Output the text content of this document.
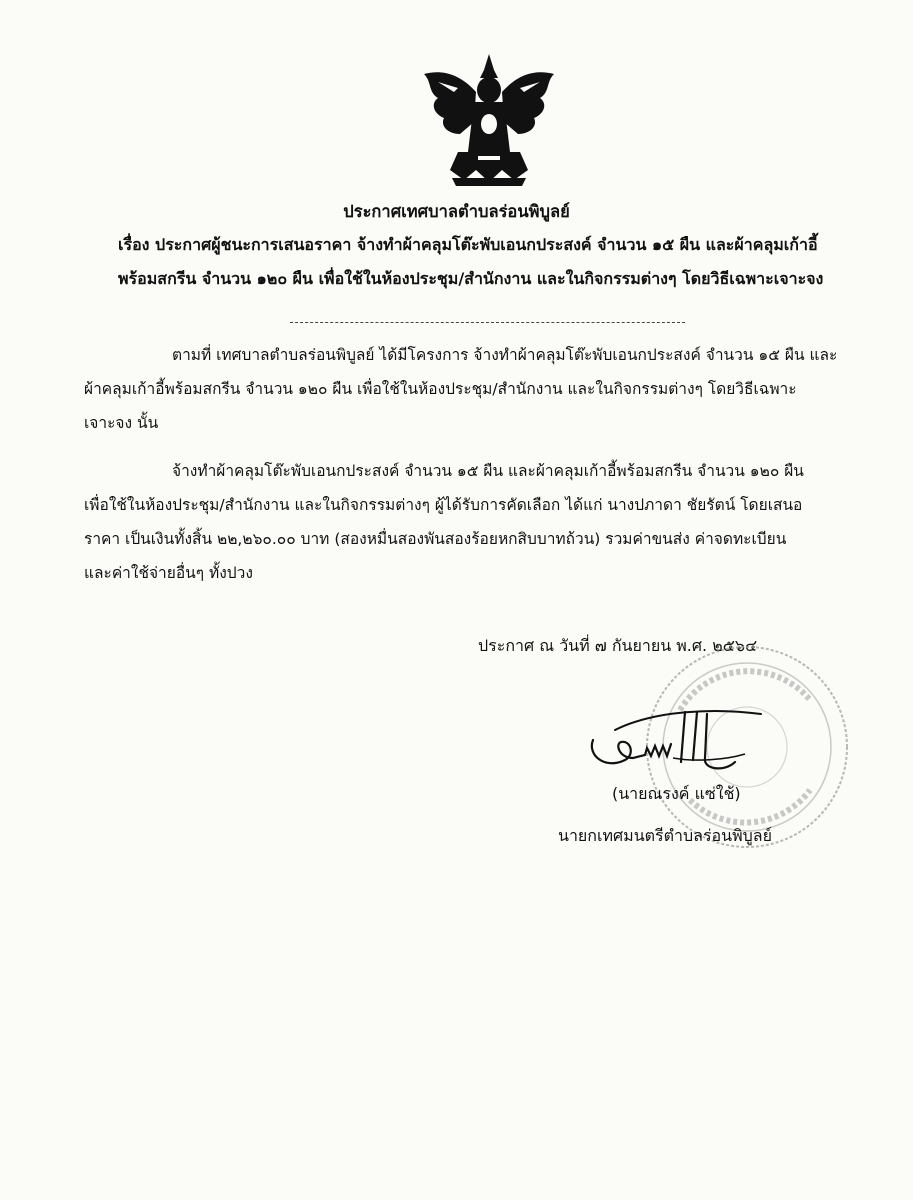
ประกาศเทศบาลตำบลร่อนพิบูลย์
เรื่อง ประกาศผู้ชนะการเสนอราคา จ้างทำผ้าคลุมโต๊ะพับเอนกประสงค์ จำนวน ๑๕ ผืน และผ้าคลุมเก้าอี้
พร้อมสกรีน จำนวน ๑๒๐ ผืน เพื่อใช้ในห้องประชุม/สำนักงาน และในกิจกรรมต่างๆ โดยวิธีเฉพาะเจาะจง
ตามที่ เทศบาลตำบลร่อนพิบูลย์ ได้มีโครงการ จ้างทำผ้าคลุมโต๊ะพับเอนกประสงค์ จำนวน ๑๕ ผืน และ
ผ้าคลุมเก้าอี้พร้อมสกรีน จำนวน ๑๒๐ ผืน เพื่อใช้ในห้องประชุม/สำนักงาน และในกิจกรรมต่างๆ โดยวิธีเฉพาะ
เจาะจง นั้น
จ้างทำผ้าคลุมโต๊ะพับเอนกประสงค์ จำนวน ๑๕ ผืน และผ้าคลุมเก้าอี้พร้อมสกรีน จำนวน ๑๒๐ ผืน
เพื่อใช้ในห้องประชุม/สำนักงาน และในกิจกรรมต่างๆ ผู้ได้รับการคัดเลือก ได้แก่ นางปภาดา ชัยรัตน์ โดยเสนอ
ราคา เป็นเงินทั้งสิ้น ๒๒,๒๖๐.๐๐ บาท (สองหมื่นสองพันสองร้อยหกสิบบาทถ้วน) รวมค่าขนส่ง ค่าจดทะเบียน
และค่าใช้จ่ายอื่นๆ ทั้งปวง
ประกาศ ณ วันที่ ๗ กันยายน พ.ศ. ๒๕๖๔
(นายณรงค์ แซ่ใช้)
นายกเทศมนตรีตำบลร่อนพิบูลย์
